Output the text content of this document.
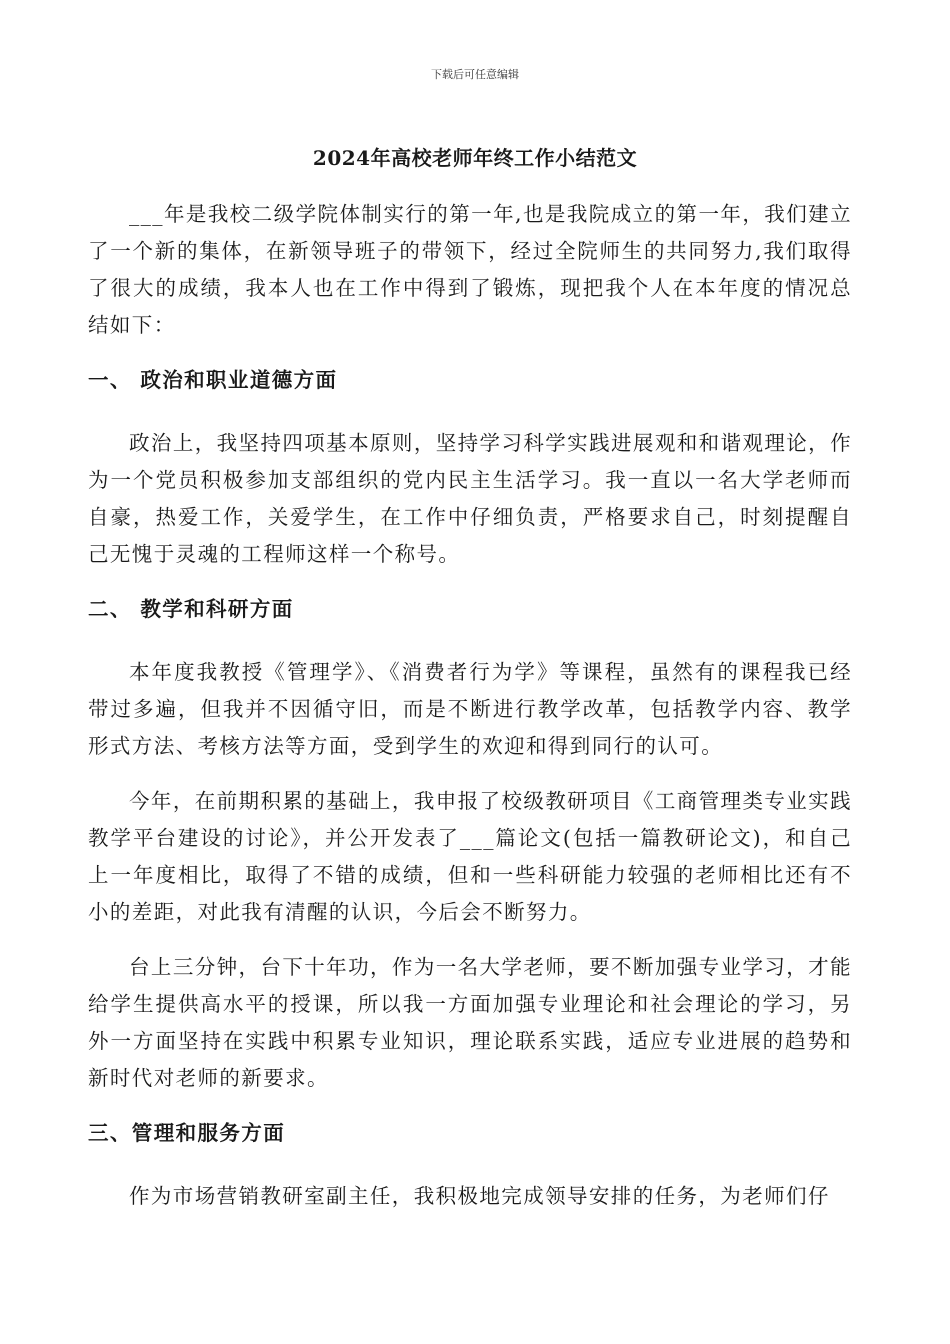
下载后可任意编辑
2024年高校老师年终工作小结范文

___年是我校二级学院体制实行的第一年,也是我院成立的第一年，我们建立了一个新的集体，在新领导班子的带领下，经过全院师生的共同努力,我们取得了很大的成绩，我本人也在工作中得到了锻炼，现把我个人在本年度的情况总结如下：

一、 政治和职业道德方面

政治上，我坚持四项基本原则，坚持学习科学实践进展观和和谐观理论，作为一个党员积极参加支部组织的党内民主生活学习。我一直以一名大学老师而自豪，热爱工作，关爱学生，在工作中仔细负责，严格要求自己，时刻提醒自己无愧于灵魂的工程师这样一个称号。

二、 教学和科研方面

本年度我教授《管理学》、《消费者行为学》等课程，虽然有的课程我已经带过多遍，但我并不因循守旧，而是不断进行教学改革，包括教学内容、教学形式方法、考核方法等方面，受到学生的欢迎和得到同行的认可。

今年，在前期积累的基础上，我申报了校级教研项目《工商管理类专业实践教学平台建设的讨论》，并公开发表了___篇论文(包括一篇教研论文)，和自己上一年度相比，取得了不错的成绩，但和一些科研能力较强的老师相比还有不小的差距，对此我有清醒的认识，今后会不断努力。

台上三分钟，台下十年功，作为一名大学老师，要不断加强专业学习，才能给学生提供高水平的授课，所以我一方面加强专业理论和社会理论的学习，另外一方面坚持在实践中积累专业知识，理论联系实践，适应专业进展的趋势和新时代对老师的新要求。

三、管理和服务方面

作为市场营销教研室副主任，我积极地完成领导安排的任务，为老师们仔
